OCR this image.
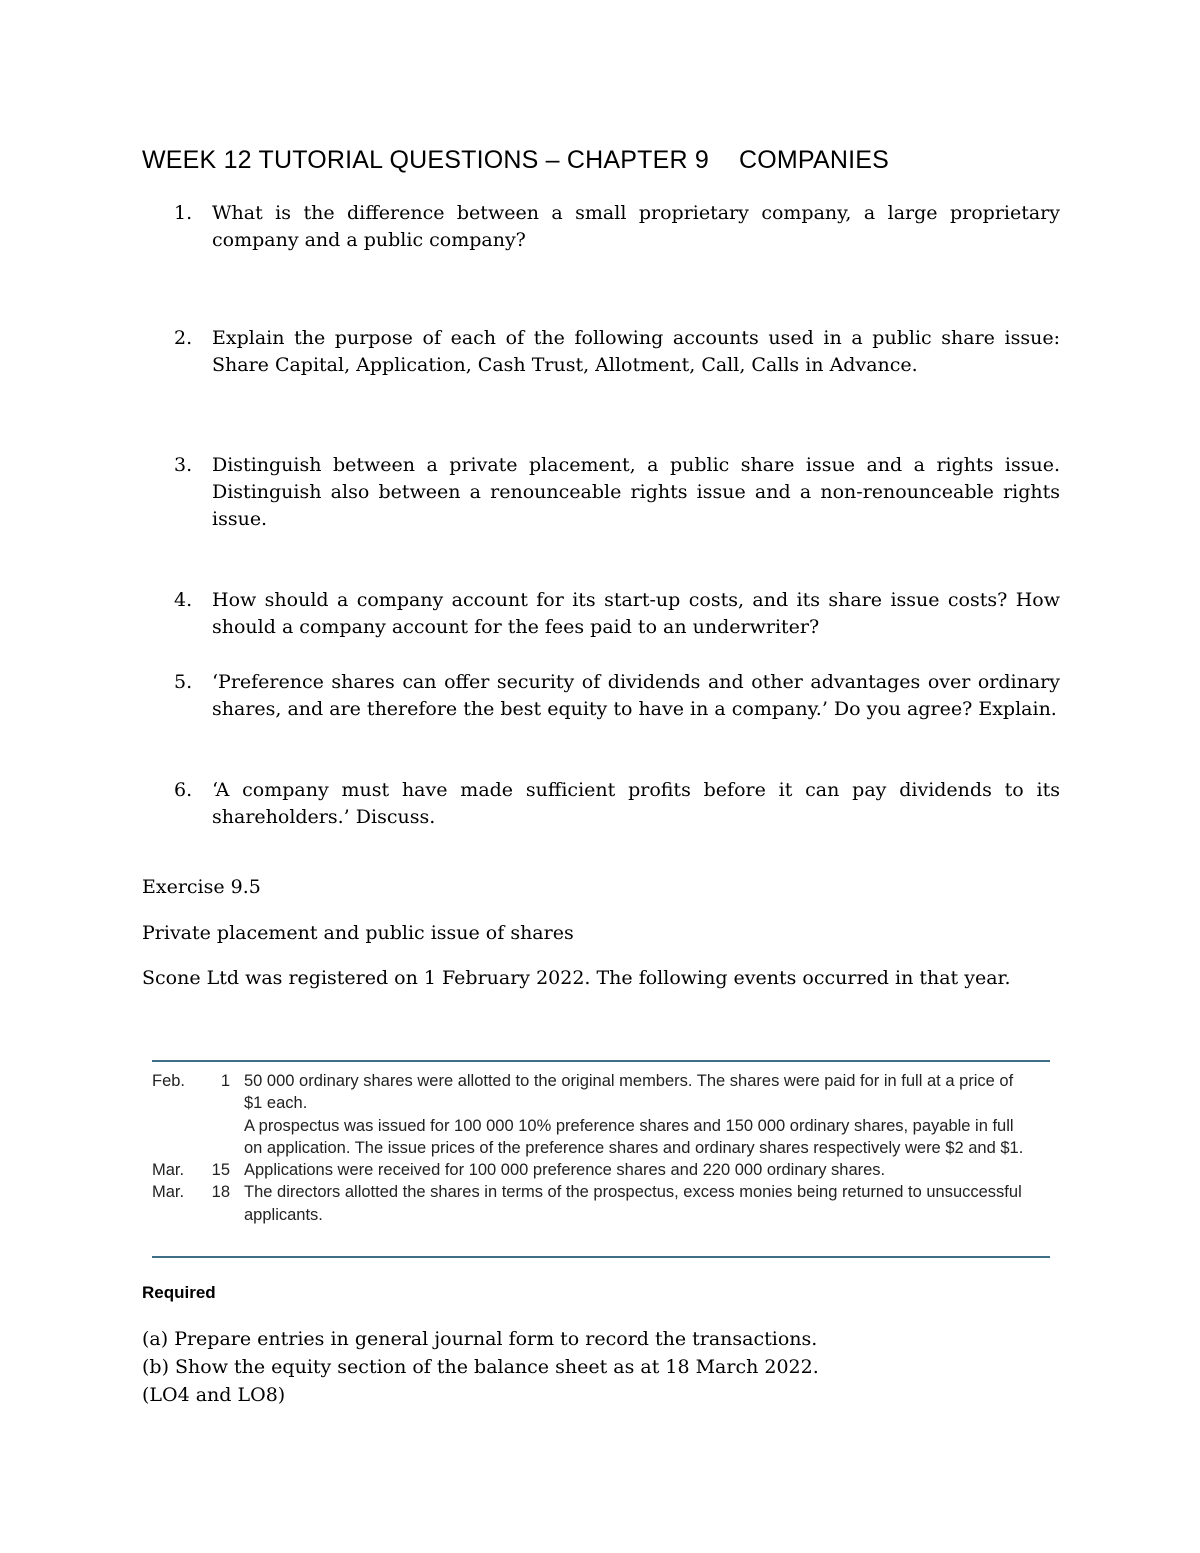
WEEK 12 TUTORIAL QUESTIONS – CHAPTER 9 COMPANIES
1. What is the difference between a small proprietary company, a large proprietary company and a public company?
2. Explain the purpose of each of the following accounts used in a public share issue: Share Capital, Application, Cash Trust, Allotment, Call, Calls in Advance.
3. Distinguish between a private placement, a public share issue and a rights issue. Distinguish also between a renounceable rights issue and a non-renounceable rights issue.
4. How should a company account for its start-up costs, and its share issue costs? How should a company account for the fees paid to an underwriter?
5. ‘Preference shares can offer security of dividends and other advantages over ordinary shares, and are therefore the best equity to have in a company.’ Do you agree? Explain.
6. ‘A company must have made sufficient profits before it can pay dividends to its shareholders.’ Discuss.
Exercise 9.5
Private placement and public issue of shares
Scone Ltd was registered on 1 February 2022. The following events occurred in that year.
Feb. 1 50 000 ordinary shares were allotted to the original members. The shares were paid for in full at a price of $1 each.
A prospectus was issued for 100 000 10% preference shares and 150 000 ordinary shares, payable in full on application. The issue prices of the preference shares and ordinary shares respectively were $2 and $1.
Mar. 15 Applications were received for 100 000 preference shares and 220 000 ordinary shares.
Mar. 18 The directors allotted the shares in terms of the prospectus, excess monies being returned to unsuccessful applicants.
Required
(a) Prepare entries in general journal form to record the transactions.
(b) Show the equity section of the balance sheet as at 18 March 2022.
(LO4 and LO8)
